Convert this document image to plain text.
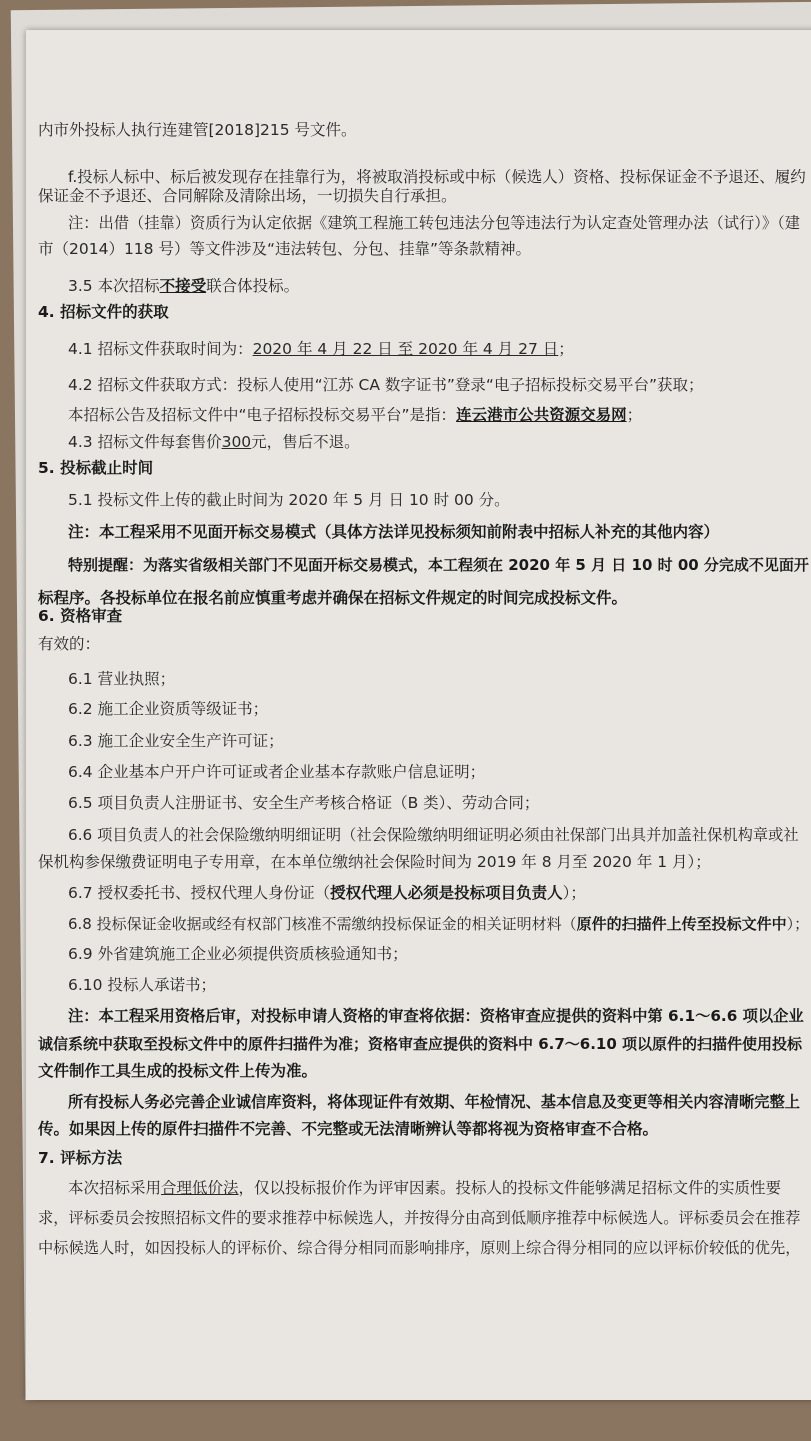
内市外投标人执行连建管[2018]215 号文件。
f.投标人标中、标后被发现存在挂靠行为，将被取消投标或中标（候选人）资格、投标保证金不予退还、履约
保证金不予退还、合同解除及清除出场，一切损失自行承担。
注：出借（挂靠）资质行为认定依据《建筑工程施工转包违法分包等违法行为认定查处管理办法（试行）》（建
市（2014）118 号）等文件涉及“违法转包、分包、挂靠”等条款精神。
3.5 本次招标不接受联合体投标。
4. 招标文件的获取
4.1 招标文件获取时间为：2020 年 4 月 22 日 至 2020 年 4 月 27 日；
4.2 招标文件获取方式：投标人使用“江苏 CA 数字证书”登录“电子招标投标交易平台”获取；
本招标公告及招标文件中“电子招标投标交易平台”是指：连云港市公共资源交易网；
4.3 招标文件每套售价300元，售后不退。
5. 投标截止时间
5.1 投标文件上传的截止时间为 2020 年 5 月 日 10 时 00 分。
注：本工程采用不见面开标交易模式（具体方法详见投标须知前附表中招标人补充的其他内容）
特别提醒：为落实省级相关部门不见面开标交易模式，本工程须在 2020 年 5 月 日 10 时 00 分完成不见面开
标程序。各投标单位在报名前应慎重考虑并确保在招标文件规定的时间完成投标文件。
6. 资格审查
有效的：
6.1 营业执照；
6.2 施工企业资质等级证书；
6.3 施工企业安全生产许可证；
6.4 企业基本户开户许可证或者企业基本存款账户信息证明；
6.5 项目负责人注册证书、安全生产考核合格证（B 类）、劳动合同；
6.6 项目负责人的社会保险缴纳明细证明（社会保险缴纳明细证明必须由社保部门出具并加盖社保机构章或社
保机构参保缴费证明电子专用章，在本单位缴纳社会保险时间为 2019 年 8 月至 2020 年 1 月）；
6.7 授权委托书、授权代理人身份证（授权代理人必须是投标项目负责人）；
6.8 投标保证金收据或经有权部门核准不需缴纳投标保证金的相关证明材料（原件的扫描件上传至投标文件中）；
6.9 外省建筑施工企业必须提供资质核验通知书；
6.10 投标人承诺书；
注：本工程采用资格后审，对投标申请人资格的审查将依据：资格审查应提供的资料中第 6.1～6.6 项以企业
诚信系统中获取至投标文件中的原件扫描件为准；资格审查应提供的资料中 6.7～6.10 项以原件的扫描件使用投标
文件制作工具生成的投标文件上传为准。
所有投标人务必完善企业诚信库资料，将体现证件有效期、年检情况、基本信息及变更等相关内容清晰完整上
传。如果因上传的原件扫描件不完善、不完整或无法清晰辨认等都将视为资格审查不合格。
7. 评标方法
本次招标采用合理低价法，仅以投标报价作为评审因素。投标人的投标文件能够满足招标文件的实质性要
求，评标委员会按照招标文件的要求推荐中标候选人，并按得分由高到低顺序推荐中标候选人。评标委员会在推荐
中标候选人时，如因投标人的评标价、综合得分相同而影响排序，原则上综合得分相同的应以评标价较低的优先，
